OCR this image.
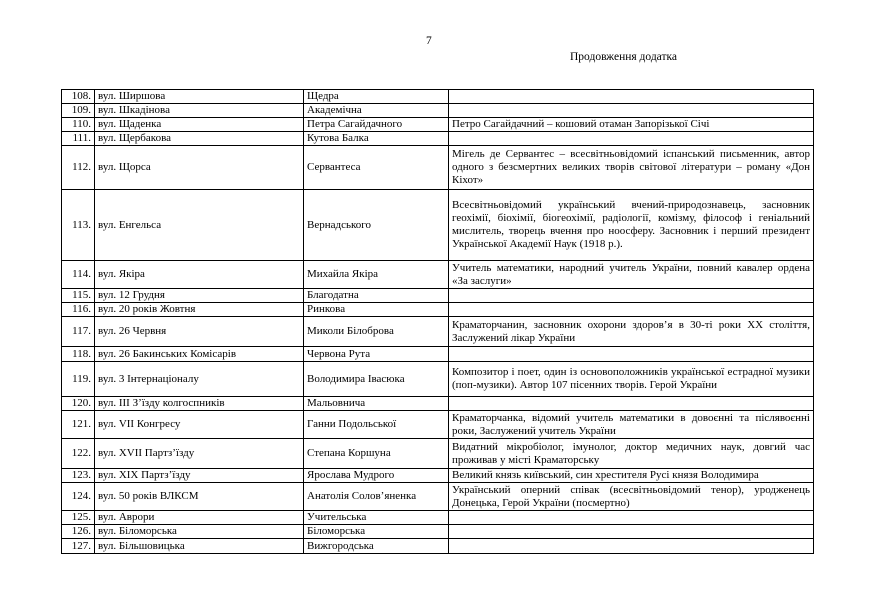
7
Продовження додатка
108.	вул. Ширшова	Щедра	
109.	вул. Шкадінова	Академічна	
110.	вул. Щаденка	Петра Сагайдачного	Петро Сагайдачний – кошовий отаман Запорізької Січі
111.	вул. Щербакова	Кутова Балка	
112.	вул. Щорса	Сервантеса	Мігель де Сервантес – всесвітньовідомий іспанський письменник, автор одного з безсмертних великих творів світової літератури – роману «Дон Кіхот»
113.	вул. Енгельса	Вернадського	Всесвітньовідомий український вчений-природознавець, засновник геохімії, біохімії, біогеохімії, радіології, комізму, філософ і геніальний мислитель, творець вчення про ноосферу. Засновник і перший президент Української Академії Наук (1918 р.).
114.	вул. Якіра	Михайла Якіра	Учитель математики, народний учитель України, повний кавалер ордена «За заслуги»
115.	вул. 12 Грудня	Благодатна	
116.	вул. 20 років Жовтня	Ринкова	
117.	вул. 26 Червня	Миколи Білоброва	Краматорчанин, засновник охорони здоров’я в 30-ті роки XX століття, Заслужений лікар України
118.	вул. 26 Бакинських Комісарів	Червона Рута	
119.	вул. 3 Інтернаціоналу	Володимира Івасюка	Композитор і поет, один із основоположників української естрадної музики (поп-музики). Автор 107 пісенних творів. Герой України
120.	вул. ІІІ З’їзду колгоспників	Мальовнича	
121.	вул. VII Конгресу	Ганни Подольської	Краматорчанка, відомий учитель математики в довоєнні та післявоєнні роки, Заслужений учитель України
122.	вул. XVII Партз’їзду	Степана Коршуна	Видатний мікробіолог, імунолог, доктор медичних наук, довгий час проживав у місті Краматорську
123.	вул. XIX Партз’їзду	Ярослава Мудрого	Великий князь київський, син хрестителя Русі князя Володимира
124.	вул. 50 років ВЛКСМ	Анатолія Солов’яненка	Український оперний співак (всесвітньовідомий тенор), уродженець Донецька, Герой України (посмертно)
125.	вул. Аврори	Учительська	
126.	вул. Біломорська	Біломорська	
127.	вул. Більшовицька	Вижгородська	
